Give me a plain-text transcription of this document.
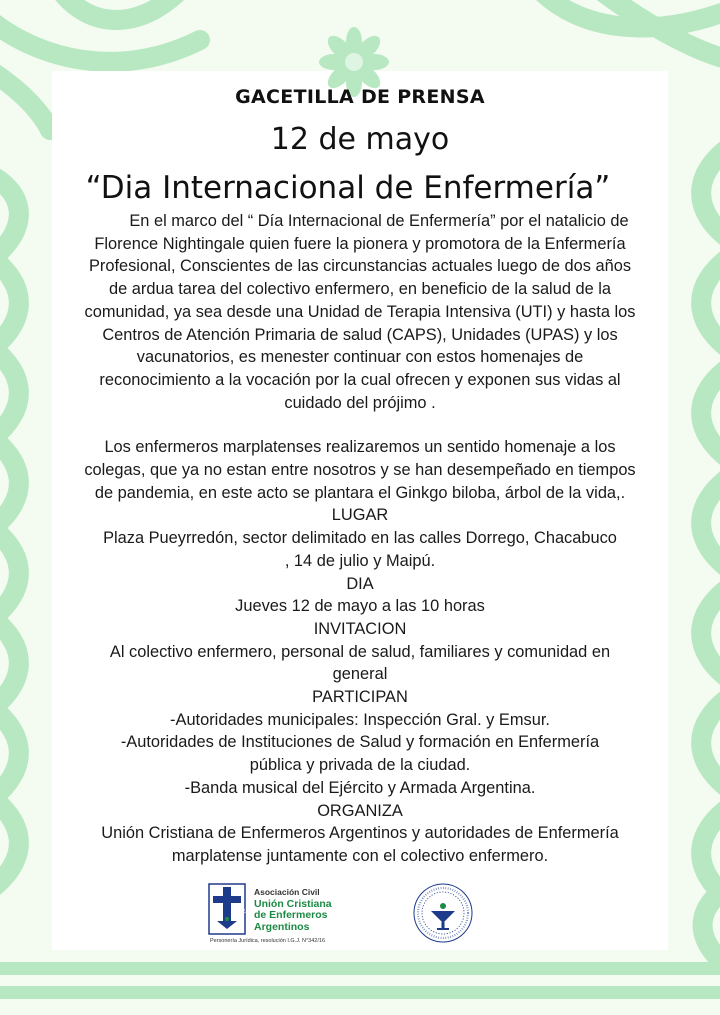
GACETILLA DE PRENSA
12 de mayo
“Dia Internacional de Enfermería”

En el marco del “ Día Internacional de Enfermería” por el natalicio de

Florence Nightingale quien fuere la pionera y promotora de la Enfermería

Profesional, Conscientes de las circunstancias actuales luego de dos años

de ardua tarea del colectivo enfermero, en beneficio de la salud de la

comunidad, ya sea desde una Unidad de Terapia Intensiva (UTI) y hasta los

Centros de Atención Primaria de salud (CAPS), Unidades (UPAS) y los

vacunatorios, es menester continuar con estos homenajes de

reconocimiento a la vocación por la cual ofrecen y exponen sus vidas al

cuidado del prójimo .

Los enfermeros marplatenses realizaremos un sentido homenaje a los

colegas, que ya no estan entre nosotros y se han desempeñado en tiempos

de pandemia, en este acto se plantara el Ginkgo biloba, árbol de la vida,.

LUGAR

Plaza Pueyrredón, sector delimitado en las calles Dorrego, Chacabuco

, 14 de julio y Maipú.

DIA

Jueves 12 de mayo a las 10 horas

INVITACION

Al colectivo enfermero, personal de salud, familiares y comunidad en

general

PARTICIPAN

-Autoridades municipales: Inspección Gral. y Emsur.

-Autoridades de Instituciones de Salud y formación en Enfermería

pública y privada de la ciudad.

-Banda musical del Ejército y Armada Argentina.

ORGANIZA

Unión Cristiana de Enfermeros Argentinos y autoridades de Enfermería

marplatense juntamente con el colectivo enfermero.

UCEA
Asociación Civil
Unión Cristiana
de Enfermeros
Argentinos
Personería Jurídica, resolución I.G.J. N°342/16
